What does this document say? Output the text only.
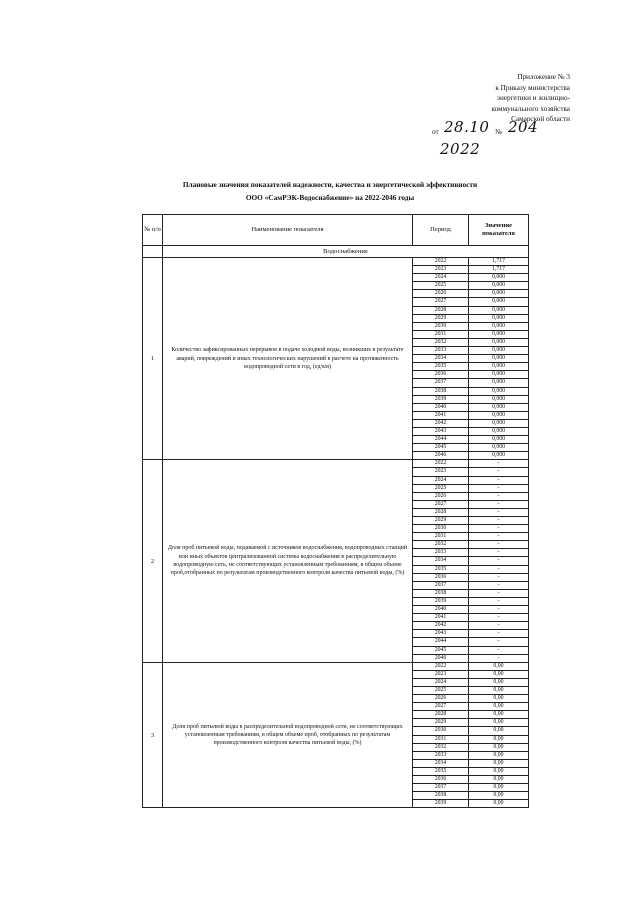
Приложение № 3
к Приказу министерства
энергетики и жилищно-
коммунального хозяйства
Самарской области
от 28.10 № 204
2022
Плановые значения показателей надежности, качества и энергетической эффективности
ООО «СамРЭК-Водоснабжение» на 2022-2046 годы
№ п/п	Наименование показателя	Период	Значение показателя
	Водоснабжение		
1	Количество зафиксированных перерывов в подаче холодной воды, возникших в результате аварий, повреждений и иных технологических нарушений в расчете на протяженность водопроводной сети в год, (ед/км)	2022	1,717
		2023	1,717
		2024	0,000
		2025	0,000
		2026	0,000
		2027	0,000
		2028	0,000
		2029	0,000
		2030	0,000
		2031	0,000
		2032	0,000
		2033	0,000
		2034	0,000
		2035	0,000
		2036	0,000
		2037	0,000
		2038	0,000
		2039	0,000
		2040	0,000
		2041	0,000
		2042	0,000
		2043	0,000
		2044	0,000
		2045	0,000
		2046	0,000
2	Доля проб питьевой воды, подаваемой с источников водоснабжения, водопроводных станций или иных объектов централизованной системы водоснабжения в распределительную водопроводную сеть, не соответствующих установленным требованиям, в общем объеме проб,отобранных по результатам производственного контроля качества питьевой воды, (%)	2022	-
		2023	-
		2024	-
		2025	-
		2026	-
		2027	-
		2028	-
		2029	-
		2030	-
		2031	-
		2032	-
		2033	-
		2034	-
		2035	-
		2036	-
		2037	-
		2038	-
		2039	-
		2040	-
		2041	-
		2042	-
		2043	-
		2044	-
		2045	-
		2046	-
3	Доля проб питьевой воды в распределительной водопроводной сети, не соответствующих установленным требованиям, в общем объеме проб, отобранных по результатам производственного контроля качества питьевой воды, (%)	2022	0,00
		2023	0,00
		2024	0,00
		2025	0,00
		2026	0,00
		2027	0,00
		2028	0,00
		2029	0,00
		2030	0,00
		2031	0,00
		2032	0,00
		2033	0,00
		2034	0,00
		2035	0,00
		2036	0,00
		2037	0,00
		2038	0,00
		2039	0,00
